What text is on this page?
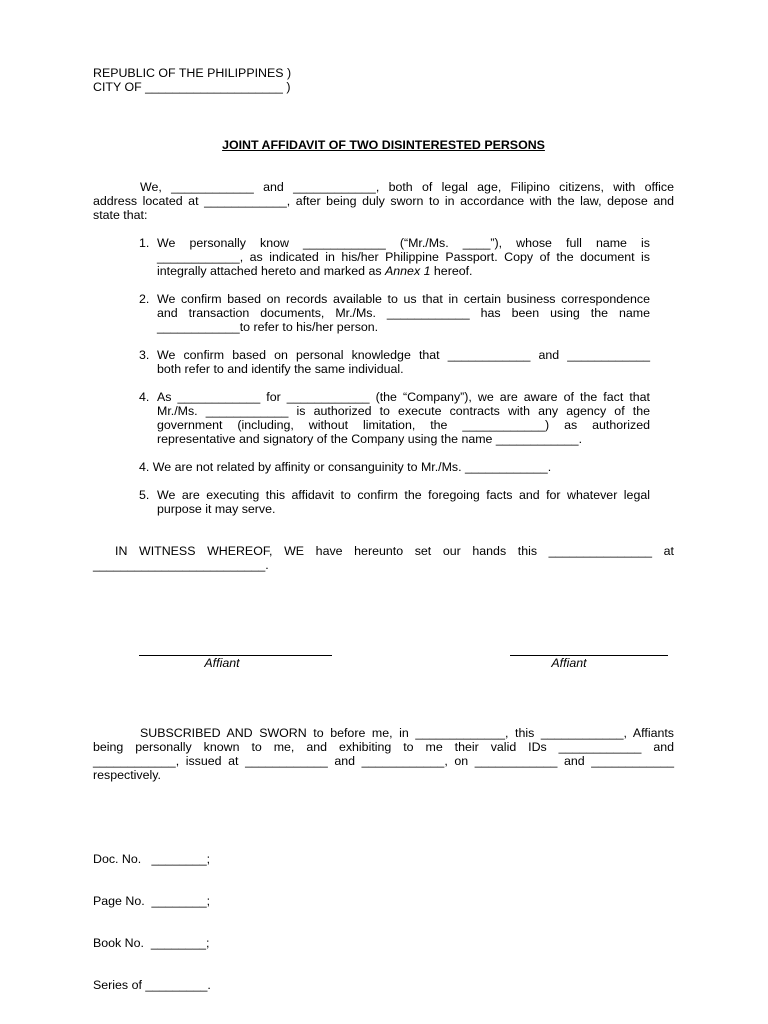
REPUBLIC OF THE PHILIPPINES )
CITY OF ____________________ )
JOINT AFFIDAVIT OF TWO DISINTERESTED PERSONS
We, ____________ and ____________, both of legal age, Filipino citizens, with office
address located at ____________, after being duly sworn to in accordance with the law, depose and
state that:
1. We personally know ____________ (“Mr./Ms. ____”), whose full name is
____________, as indicated in his/her Philippine Passport. Copy of the document is
integrally attached hereto and marked as Annex 1 hereof.
2. We confirm based on records available to us that in certain business correspondence
and transaction documents, Mr./Ms. ____________ has been using the name
____________to refer to his/her person.
3. We confirm based on personal knowledge that ____________ and ____________
both refer to and identify the same individual.
4. As ____________ for ____________ (the “Company”), we are aware of the fact that
Mr./Ms. ____________ is authorized to execute contracts with any agency of the
government (including, without limitation, the ____________) as authorized
representative and signatory of the Company using the name ____________.
4. We are not related by affinity or consanguinity to Mr./Ms. ____________.
5. We are executing this affidavit to confirm the foregoing facts and for whatever legal
purpose it may serve.
IN WITNESS WHEREOF, WE have hereunto set our hands this _______________ at
_________________________.
Affiant	Affiant
SUBSCRIBED AND SWORN to before me, in _____________, this ____________, Affiants
being personally known to me, and exhibiting to me their valid IDs ____________ and
____________, issued at ____________ and ____________, on ____________ and ____________
respectively.

Doc. No.   ________;

Page No.  ________;

Book No.  ________;

Series of _________.
